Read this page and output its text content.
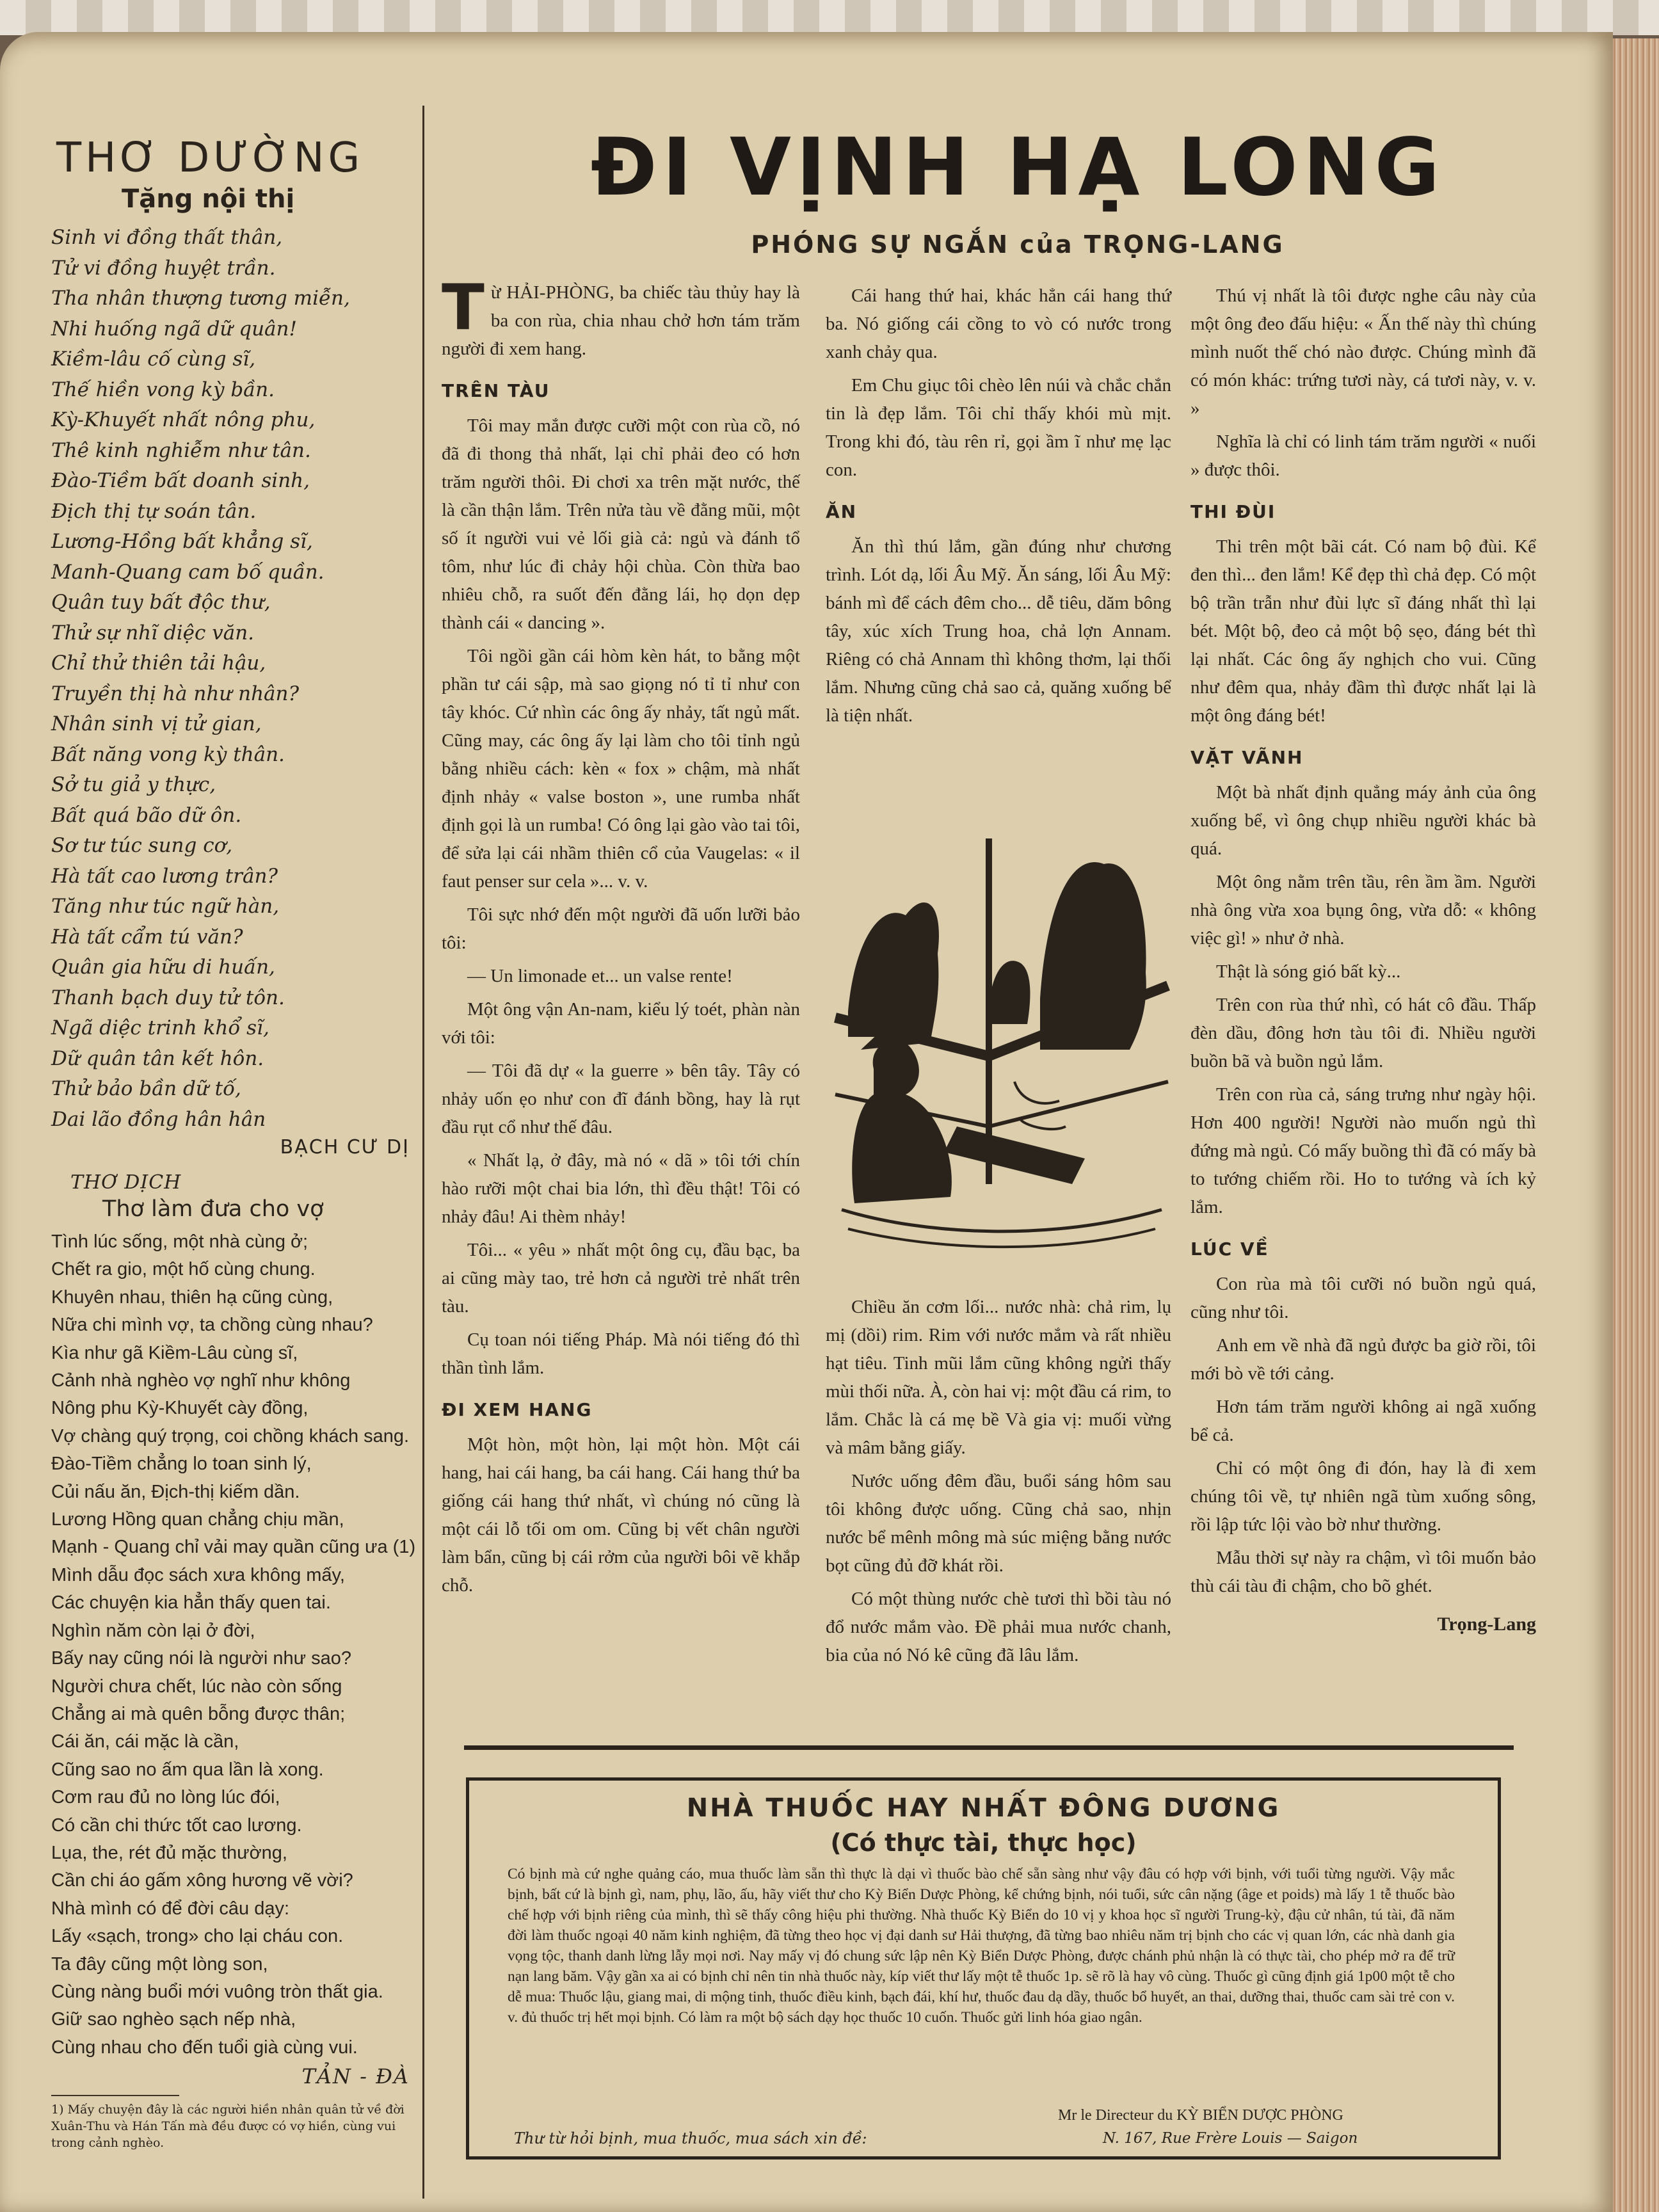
THƠ DƯỜNG
Tặng nội thị

Sinh vi đồng thất thân,

Tử vi đồng huyệt trần.

Tha nhân thượng tương miễn,

Nhi huống ngã dữ quân!

Kiềm-lâu cố cùng sĩ,

Thế hiền vong kỳ bần.

Kỳ-Khuyết nhất nông phu,

Thê kinh nghiễm như tân.

Đào-Tiềm bất doanh sinh,

Địch thị tự soán tân.

Lương-Hồng bất khẳng sĩ,

Manh-Quang cam bố quần.

Quân tuy bất độc thư,

Thử sự nhĩ diệc văn.

Chỉ thử thiên tải hậu,

Truyền thị hà như nhân?

Nhân sinh vị tử gian,

Bất năng vong kỳ thân.

Sở tu giả y thực,

Bất quá bão dữ ôn.

Sơ tư túc sung cơ,

Hà tất cao lương trân?

Tăng như túc ngữ hàn,

Hà tất cẩm tú văn?

Quân gia hữu di huấn,

Thanh bạch duy tử tôn.

Ngã diệc trinh khổ sĩ,

Dữ quân tân kết hôn.

Thử bảo bần dữ tố,

Dai lão đồng hân hân

BẠCH CƯ DỊ
THƠ DỊCH
Thơ làm đưa cho vợ

Tình lúc sống, một nhà cùng ở;

Chết ra gio, một hố cùng chung.

Khuyên nhau, thiên hạ cũng cùng,

Nữa chi mình vợ, ta chồng cùng nhau?

Kìa như gã Kiềm-Lâu cùng sĩ,

Cảnh nhà nghèo vợ nghĩ như không

Nông phu Kỳ-Khuyết cày đồng,

Vợ chàng quý trọng, coi chồng khách sang.

Đào-Tiềm chẳng lo toan sinh lý,

Củi nấu ăn, Địch-thị kiếm dần.

Lương Hồng quan chẳng chịu mần,

Mạnh - Quang chỉ vải may quần cũng ưa (1)

Mình dẫu đọc sách xưa không mấy,

Các chuyện kia hẳn thấy quen tai.

Nghìn năm còn lại ở đời,

Bấy nay cũng nói là người như sao?

Người chưa chết, lúc nào còn sống

Chẳng ai mà quên bỗng được thân;

Cái ăn, cái mặc là cần,

Cũng sao no ấm qua lần là xong.

Cơm rau đủ no lòng lúc đói,

Có cần chi thức tốt cao lương.

Lụa, the, rét đủ mặc thường,

Cần chi áo gấm xông hương vẽ vời?

Nhà mình có để đời câu dạy:

Lấy «sạch, trong» cho lại cháu con.

Ta đây cũng một lòng son,

Cùng nàng buổi mới vuông tròn thất gia.

Giữ sao nghèo sạch nếp nhà,

Cùng nhau cho đến tuổi già cùng vui.

TẢN - ĐÀ

1) Mấy chuyện đây là các người hiền nhân quân tử về đời Xuân-Thu và Hán Tấn mà đều được có vợ hiền, cùng vui trong cảnh nghèo.

ĐI VỊNH HẠ LONG
PHÓNG SỰ NGẮN của TRỌNG-LANG

Từ HẢI-PHÒNG, ba chiếc tàu thủy hay là ba con rùa, chia nhau chở hơn tám trăm người đi xem hang.

TRÊN TÀU

Tôi may mắn được cưỡi một con rùa cồ, nó đã đi thong thả nhất, lại chỉ phải đeo có hơn trăm người thôi. Đi chơi xa trên mặt nước, thế là cần thận lắm. Trên nửa tàu về đằng mũi, một số ít người vui vẻ lối già cả: ngủ và đánh tổ tôm, như lúc đi chảy hội chùa. Còn thừa bao nhiêu chỗ, ra suốt đến đằng lái, họ dọn dẹp thành cái « dancing ».

Tôi ngồi gần cái hòm kèn hát, to bằng một phần tư cái sập, mà sao giọng nó tỉ tỉ như con tây khóc. Cứ nhìn các ông ấy nhảy, tất ngủ mất. Cũng may, các ông ấy lại làm cho tôi tỉnh ngủ bằng nhiều cách: kèn « fox » chậm, mà nhất định nhảy « valse boston », une rumba nhất định gọi là un rumba! Có ông lại gào vào tai tôi, để sửa lại cái nhầm thiên cổ của Vaugelas: « il faut penser sur cela »... v. v.

Tôi sực nhớ đến một người đã uốn lưỡi bảo tôi:

— Un limonade et... un valse rente!

Một ông vận An-nam, kiểu lý toét, phàn nàn với tôi:

— Tôi đã dự « la guerre » bên tây. Tây có nhảy uốn ẹo như con đĩ đánh bồng, hay là rụt đầu rụt cổ như thế đâu.

« Nhất lạ, ở đây, mà nó « dã » tôi tới chín hào rưỡi một chai bia lớn, thì đều thật! Tôi có nhảy đâu! Ai thèm nhảy!

Tôi... « yêu » nhất một ông cụ, đầu bạc, ba ai cũng mày tao, trẻ hơn cả người trẻ nhất trên tàu.

Cụ toan nói tiếng Pháp. Mà nói tiếng đó thì thần tình lắm.

ĐI XEM HANG

Một hòn, một hòn, lại một hòn. Một cái hang, hai cái hang, ba cái hang. Cái hang thứ ba giống cái hang thứ nhất, vì chúng nó cũng là một cái lỗ tối om om. Cũng bị vết chân người làm bẩn, cũng bị cái rởm của người bôi vẽ khắp chỗ.

Cái hang thứ hai, khác hẳn cái hang thứ ba. Nó giống cái cồng to vò có nước trong xanh chảy qua.

Em Chu giục tôi chèo lên núi và chắc chắn tin là đẹp lắm. Tôi chỉ thấy khói mù mịt. Trong khi đó, tàu rên rỉ, gọi ầm ĩ như mẹ lạc con.

ĂN

Ăn thì thú lắm, gần đúng như chương trình. Lót dạ, lối Âu Mỹ. Ăn sáng, lối Âu Mỹ: bánh mì để cách đêm cho... dễ tiêu, dăm bông tây, xúc xích Trung hoa, chả lợn Annam. Riêng có chả Annam thì không thơm, lại thối lắm. Nhưng cũng chả sao cả, quăng xuống bể là tiện nhất.

Chiều ăn cơm lối... nước nhà: chả rim, lụ mị (dồi) rim. Rim với nước mắm và rất nhiều hạt tiêu. Tinh mũi lắm cũng không ngửi thấy mùi thối nữa. À, còn hai vị: một đầu cá rim, to lắm. Chắc là cá mẹ bề Và gia vị: muối vừng và mâm bằng giấy.

Nước uống đêm đầu, buổi sáng hôm sau tôi không được uống. Cũng chả sao, nhịn nước bể mênh mông mà súc miệng bằng nước bọt cũng đủ đỡ khát rồi.

Có một thùng nước chè tươi thì bồi tàu nó đổ nước mắm vào. Đề phải mua nước chanh, bia của nó Nó kê cũng đã lâu lắm.

Thú vị nhất là tôi được nghe câu này của một ông đeo đấu hiệu: « Ấn thế này thì chúng mình nuốt thế chó nào được. Chúng mình đã có món khác: trứng tươi này, cá tươi này, v. v. »

Nghĩa là chỉ có linh tám trăm người « nuối » được thôi.

THI ĐÙI

Thi trên một bãi cát. Có nam bộ đùi. Kể đen thì... đen lắm! Kể đẹp thì chả đẹp. Có một bộ trần trẫn như đùi lực sĩ đáng nhất thì lại bét. Một bộ, đeo cả một bộ sẹo, đáng bét thì lại nhất. Các ông ấy nghịch cho vui. Cũng như đêm qua, nhảy đầm thì được nhất lại là một ông đáng bét!

VẶT VÃNH

Một bà nhất định quẳng máy ảnh của ông xuống bể, vì ông chụp nhiều người khác bà quá.

Một ông nằm trên tầu, rên ầm ầm. Người nhà ông vừa xoa bụng ông, vừa dỗ: « không việc gì! » như ở nhà.

Thật là sóng gió bất kỳ...

Trên con rùa thứ nhì, có hát cô đầu. Thấp đèn dầu, đông hơn tàu tôi đi. Nhiều người buồn bã và buồn ngủ lắm.

Trên con rùa cả, sáng trưng như ngày hội. Hơn 400 người! Người nào muốn ngủ thì đứng mà ngủ. Có mấy buồng thì đã có mấy bà to tướng chiếm rồi. Ho to tướng và ích kỷ lắm.

LÚC VỀ

Con rùa mà tôi cưỡi nó buồn ngủ quá, cũng như tôi.

Anh em về nhà đã ngủ được ba giờ rồi, tôi mới bò về tới cảng.

Hơn tám trăm người không ai ngã xuống bể cả.

Chỉ có một ông đi đón, hay là đi xem chúng tôi về, tự nhiên ngã tùm xuống sông, rồi lập tức lội vào bờ như thường.

Mẫu thời sự này ra chậm, vì tôi muốn bảo thù cái tàu đi chậm, cho bõ ghét.

Trọng-Lang

NHÀ THUỐC HAY NHẤT ĐÔNG DƯƠNG
(Có thực tài, thực học)

Có bịnh mà cứ nghe quảng cáo, mua thuốc làm sẵn thì thực là dại vì thuốc bào chế sẵn sàng như vậy đâu có hợp với bịnh, với tuổi từng người. Vậy mắc bịnh, bất cứ là bịnh gì, nam, phụ, lão, ấu, hãy viết thư cho Kỳ Biển Dược Phòng, kể chứng bịnh, nói tuổi, sức cân nặng (âge et poids) mà lấy 1 tễ thuốc bào chế hợp với bịnh riêng của mình, thì sẽ thấy công hiệu phi thường. Nhà thuốc Kỳ Biển do 10 vị y khoa học sĩ người Trung-kỳ, đậu cử nhân, tú tài, đã năm đời làm thuốc ngoại 40 năm kinh nghiệm, đã từng theo học vị đại danh sư Hải thượng, đã từng bao nhiêu năm trị bịnh cho các vị quan lớn, các nhà danh gia vọng tộc, thanh danh lừng lẫy mọi nơi. Nay mấy vị đó chung sức lập nên Kỳ Biển Dược Phòng, được chánh phủ nhận là có thực tài, cho phép mở ra để trữ nạn lang băm. Vậy gần xa ai có bịnh chỉ nên tin nhà thuốc này, kíp viết thư lấy một tễ thuốc 1p. sẽ rõ là hay vô cùng. Thuốc gì cũng định giá 1p00 một tễ cho dễ mua: Thuốc lậu, giang mai, di mộng tinh, thuốc điều kinh, bạch đái, khí hư, thuốc đau dạ dầy, thuốc bổ huyết, an thai, dưỡng thai, thuốc cam sài trẻ con v. v. đủ thuốc trị hết mọi bịnh. Có làm ra một bộ sách dạy học thuốc 10 cuốn. Thuốc gửi linh hóa giao ngân.

Thư từ hỏi bịnh, mua thuốc, mua sách xin đề:

Mr le Directeur du KỲ BIỂN DƯỢC PHÒNG

N. 167, Rue Frère Louis — Saigon
